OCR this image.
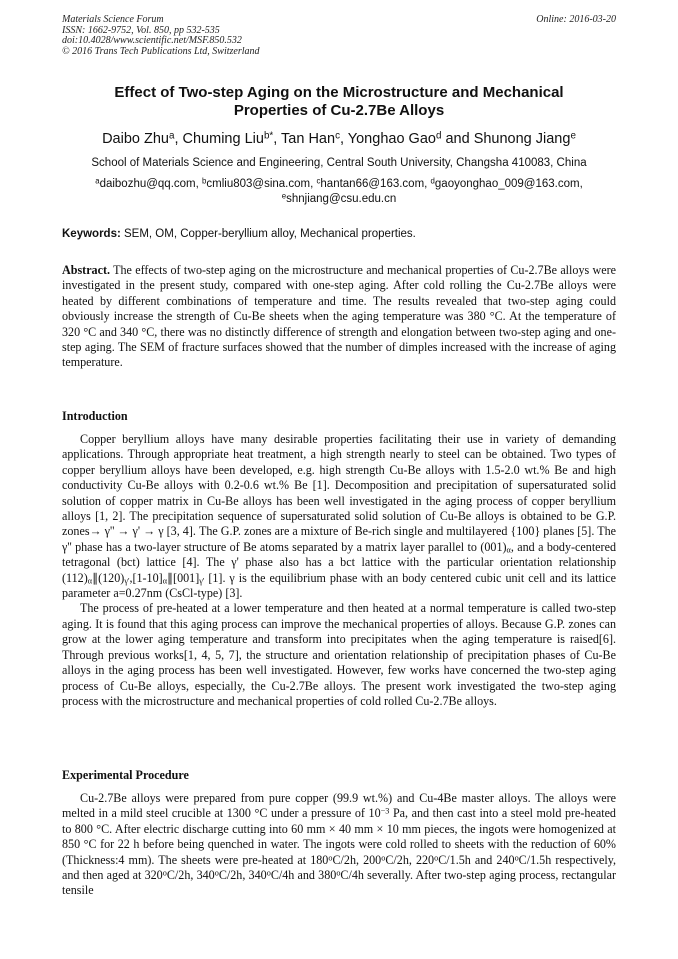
Materials Science Forum
ISSN: 1662-9752, Vol. 850, pp 532-535
doi:10.4028/www.scientific.net/MSF.850.532
© 2016 Trans Tech Publications Ltd, Switzerland
Online: 2016-03-20
Effect of Two-step Aging on the Microstructure and Mechanical
Properties of Cu-2.7Be Alloys
Daibo Zhu$^a$, Chuming Liu$^{b*}$, Tan Han$^c$, Yonghao Gao$^d$ and Shunong Jiang$^e$
School of Materials Science and Engineering, Central South University, Changsha 410083, China
$^a$daibozhu@qq.com, $^b$cmliu803@sina.com, $^c$hantan66@163.com, $^d$gaoyonghao_009@163.com,
$^e$shnjiang@csu.edu.cn
Keywords: SEM, OM, Copper-beryllium alloy, Mechanical properties.

Abstract. The effects of two-step aging on the microstructure and mechanical properties of Cu-2.7Be alloys were investigated in the present study, compared with one-step aging. After cold rolling the Cu-2.7Be alloys were heated by different combinations of temperature and time. The results revealed that two-step aging could obviously increase the strength of Cu-Be sheets when the aging temperature was 380 °C. At the temperature of 320 °C and 340 °C, there was no distinctly difference of strength and elongation between two-step aging and one-step aging. The SEM of fracture surfaces showed that the number of dimples increased with the increase of aging temperature.

Introduction

Copper beryllium alloys have many desirable properties facilitating their use in variety of demanding applications. Through appropriate heat treatment, a high strength nearly to steel can be obtained. Two types of copper beryllium alloys have been developed, e.g. high strength Cu-Be alloys with 1.5-2.0 wt.% Be and high conductivity Cu-Be alloys with 0.2-0.6 wt.% Be [1]. Decomposition and precipitation of supersaturated solid solution of copper matrix in Cu-Be alloys has been well investigated in the aging process of copper beryllium alloys [1, 2]. The precipitation sequence of supersaturated solid solution of Cu-Be alloys is obtained to be G.P. zones→ γ'' → γ' → γ [3, 4]. The G.P. zones are a mixture of Be-rich single and multilayered {100} planes [5]. The γ'' phase has a two-layer structure of Be atoms separated by a matrix layer parallel to $(001)_\alpha$, and a body-centered tetragonal (bct) lattice [4]. The γ' phase also has a bct lattice with the particular orientation relationship $(112)_\alpha\parallel(120)_{\gamma'},[1-10]_\alpha\parallel[001]_{\gamma'}$ [1]. γ is the equilibrium phase with an body centered cubic unit cell and its lattice parameter a=0.27nm (CsCl-type) [3].

The process of pre-heated at a lower temperature and then heated at a normal temperature is called two-step aging. It is found that this aging process can improve the mechanical properties of alloys. Because G.P. zones can grow at the lower aging temperature and transform into precipitates when the aging temperature is raised[6]. Through previous works[1, 4, 5, 7], the structure and orientation relationship of precipitation phases of Cu-Be alloys in the aging process has been well investigated. However, few works have concerned the two-step aging process of Cu-Be alloys, especially, the Cu-2.7Be alloys. The present work investigated the two-step aging process with the microstructure and mechanical properties of cold rolled Cu-2.7Be alloys.

Experimental Procedure

Cu-2.7Be alloys were prepared from pure copper (99.9 wt.%) and Cu-4Be master alloys. The alloys were melted in a mild steel crucible at 1300 °C under a pressure of $10^{-3}$ Pa, and then cast into a steel mold pre-heated to 800 °C. After electric discharge cutting into 60 mm × 40 mm × 10 mm pieces, the ingots were homogenized at 850 °C for 22 h before being quenched in water. The ingots were cold rolled to sheets with the reduction of 60% (Thickness:4 mm). The sheets were pre-heated at 180$^o$C/2h, 200$^o$C/2h, 220$^o$C/1.5h and 240$^o$C/1.5h respectively, and then aged at 320$^o$C/2h, 340$^o$C/2h, 340$^o$C/4h and 380$^o$C/4h severally. After two-step aging process, rectangular tensile
